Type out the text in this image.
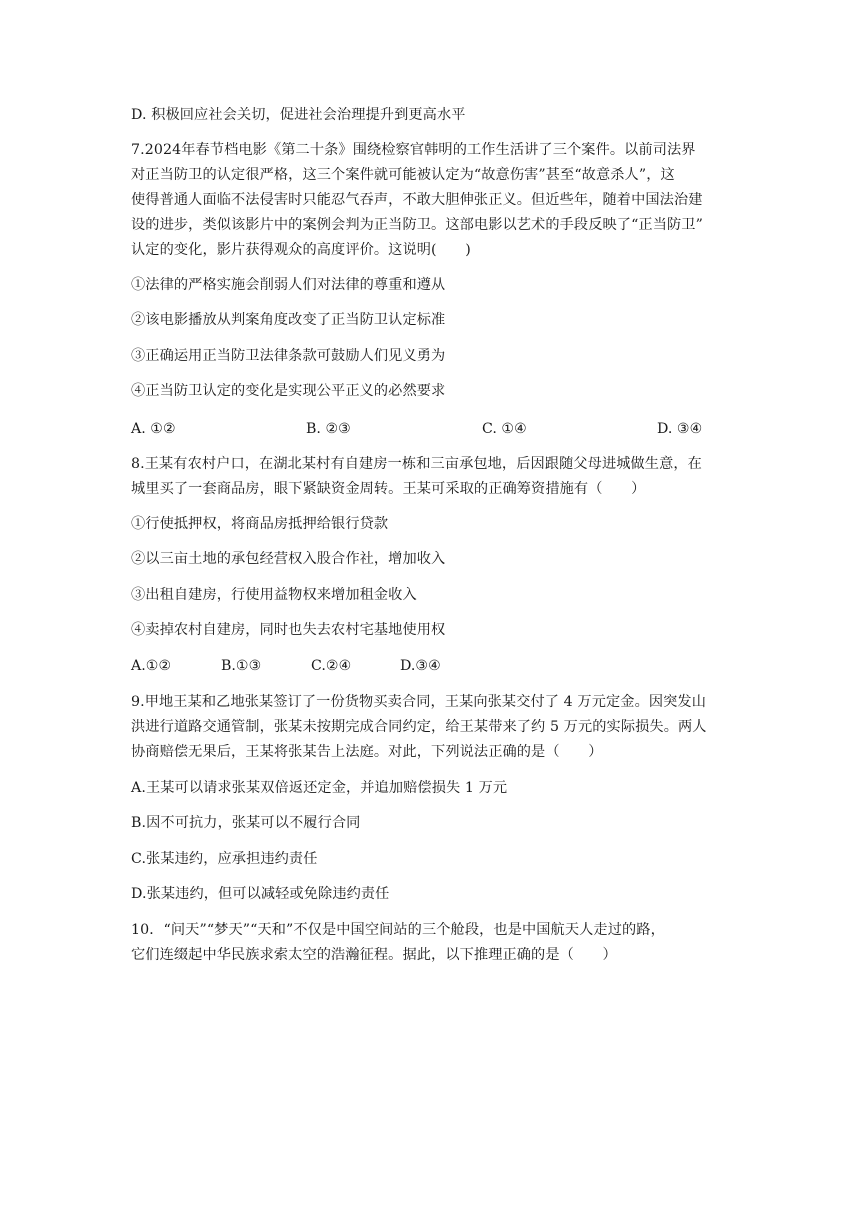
D. 积极回应社会关切，促进社会治理提升到更高水平
7.2024年春节档电影《第二十条》围绕检察官韩明的工作生活讲了三个案件。以前司法界
对正当防卫的认定很严格，这三个案件就可能被认定为“故意伤害”甚至“故意杀人”，这
使得普通人面临不法侵害时只能忍气吞声，不敢大胆伸张正义。但近些年，随着中国法治建
设的进步，类似该影片中的案例会判为正当防卫。这部电影以艺术的手段反映了“正当防卫”
认定的变化，影片获得观众的高度评价。这说明(　　)
①法律的严格实施会削弱人们对法律的尊重和遵从
②该电影播放从判案角度改变了正当防卫认定标准
③正确运用正当防卫法律条款可鼓励人们见义勇为
④正当防卫认定的变化是实现公平正义的必然要求
A. ①②	B. ②③	C. ①④	D. ③④
8.王某有农村户口，在湖北某村有自建房一栋和三亩承包地，后因跟随父母进城做生意，在
城里买了一套商品房，眼下紧缺资金周转。王某可采取的正确筹资措施有（　　）
①行使抵押权，将商品房抵押给银行贷款
②以三亩土地的承包经营权入股合作社，增加收入
③出租自建房，行使用益物权来增加租金收入
④卖掉农村自建房，同时也失去农村宅基地使用权
A.①②	B.①③	C.②④	D.③④
9.甲地王某和乙地张某签订了一份货物买卖合同，王某向张某交付了 4 万元定金。因突发山
洪进行道路交通管制，张某未按期完成合同约定，给王某带来了约 5 万元的实际损失。两人
协商赔偿无果后，王某将张某告上法庭。对此，下列说法正确的是（　　）
A.王某可以请求张某双倍返还定金，并追加赔偿损失 1 万元
B.因不可抗力，张某可以不履行合同
C.张某违约，应承担违约责任
D.张某违约，但可以减轻或免除违约责任
10．“问天”“梦天”“天和”不仅是中国空间站的三个舱段，也是中国航天人走过的路，
它们连缀起中华民族求索太空的浩瀚征程。据此，以下推理正确的是（　　）
